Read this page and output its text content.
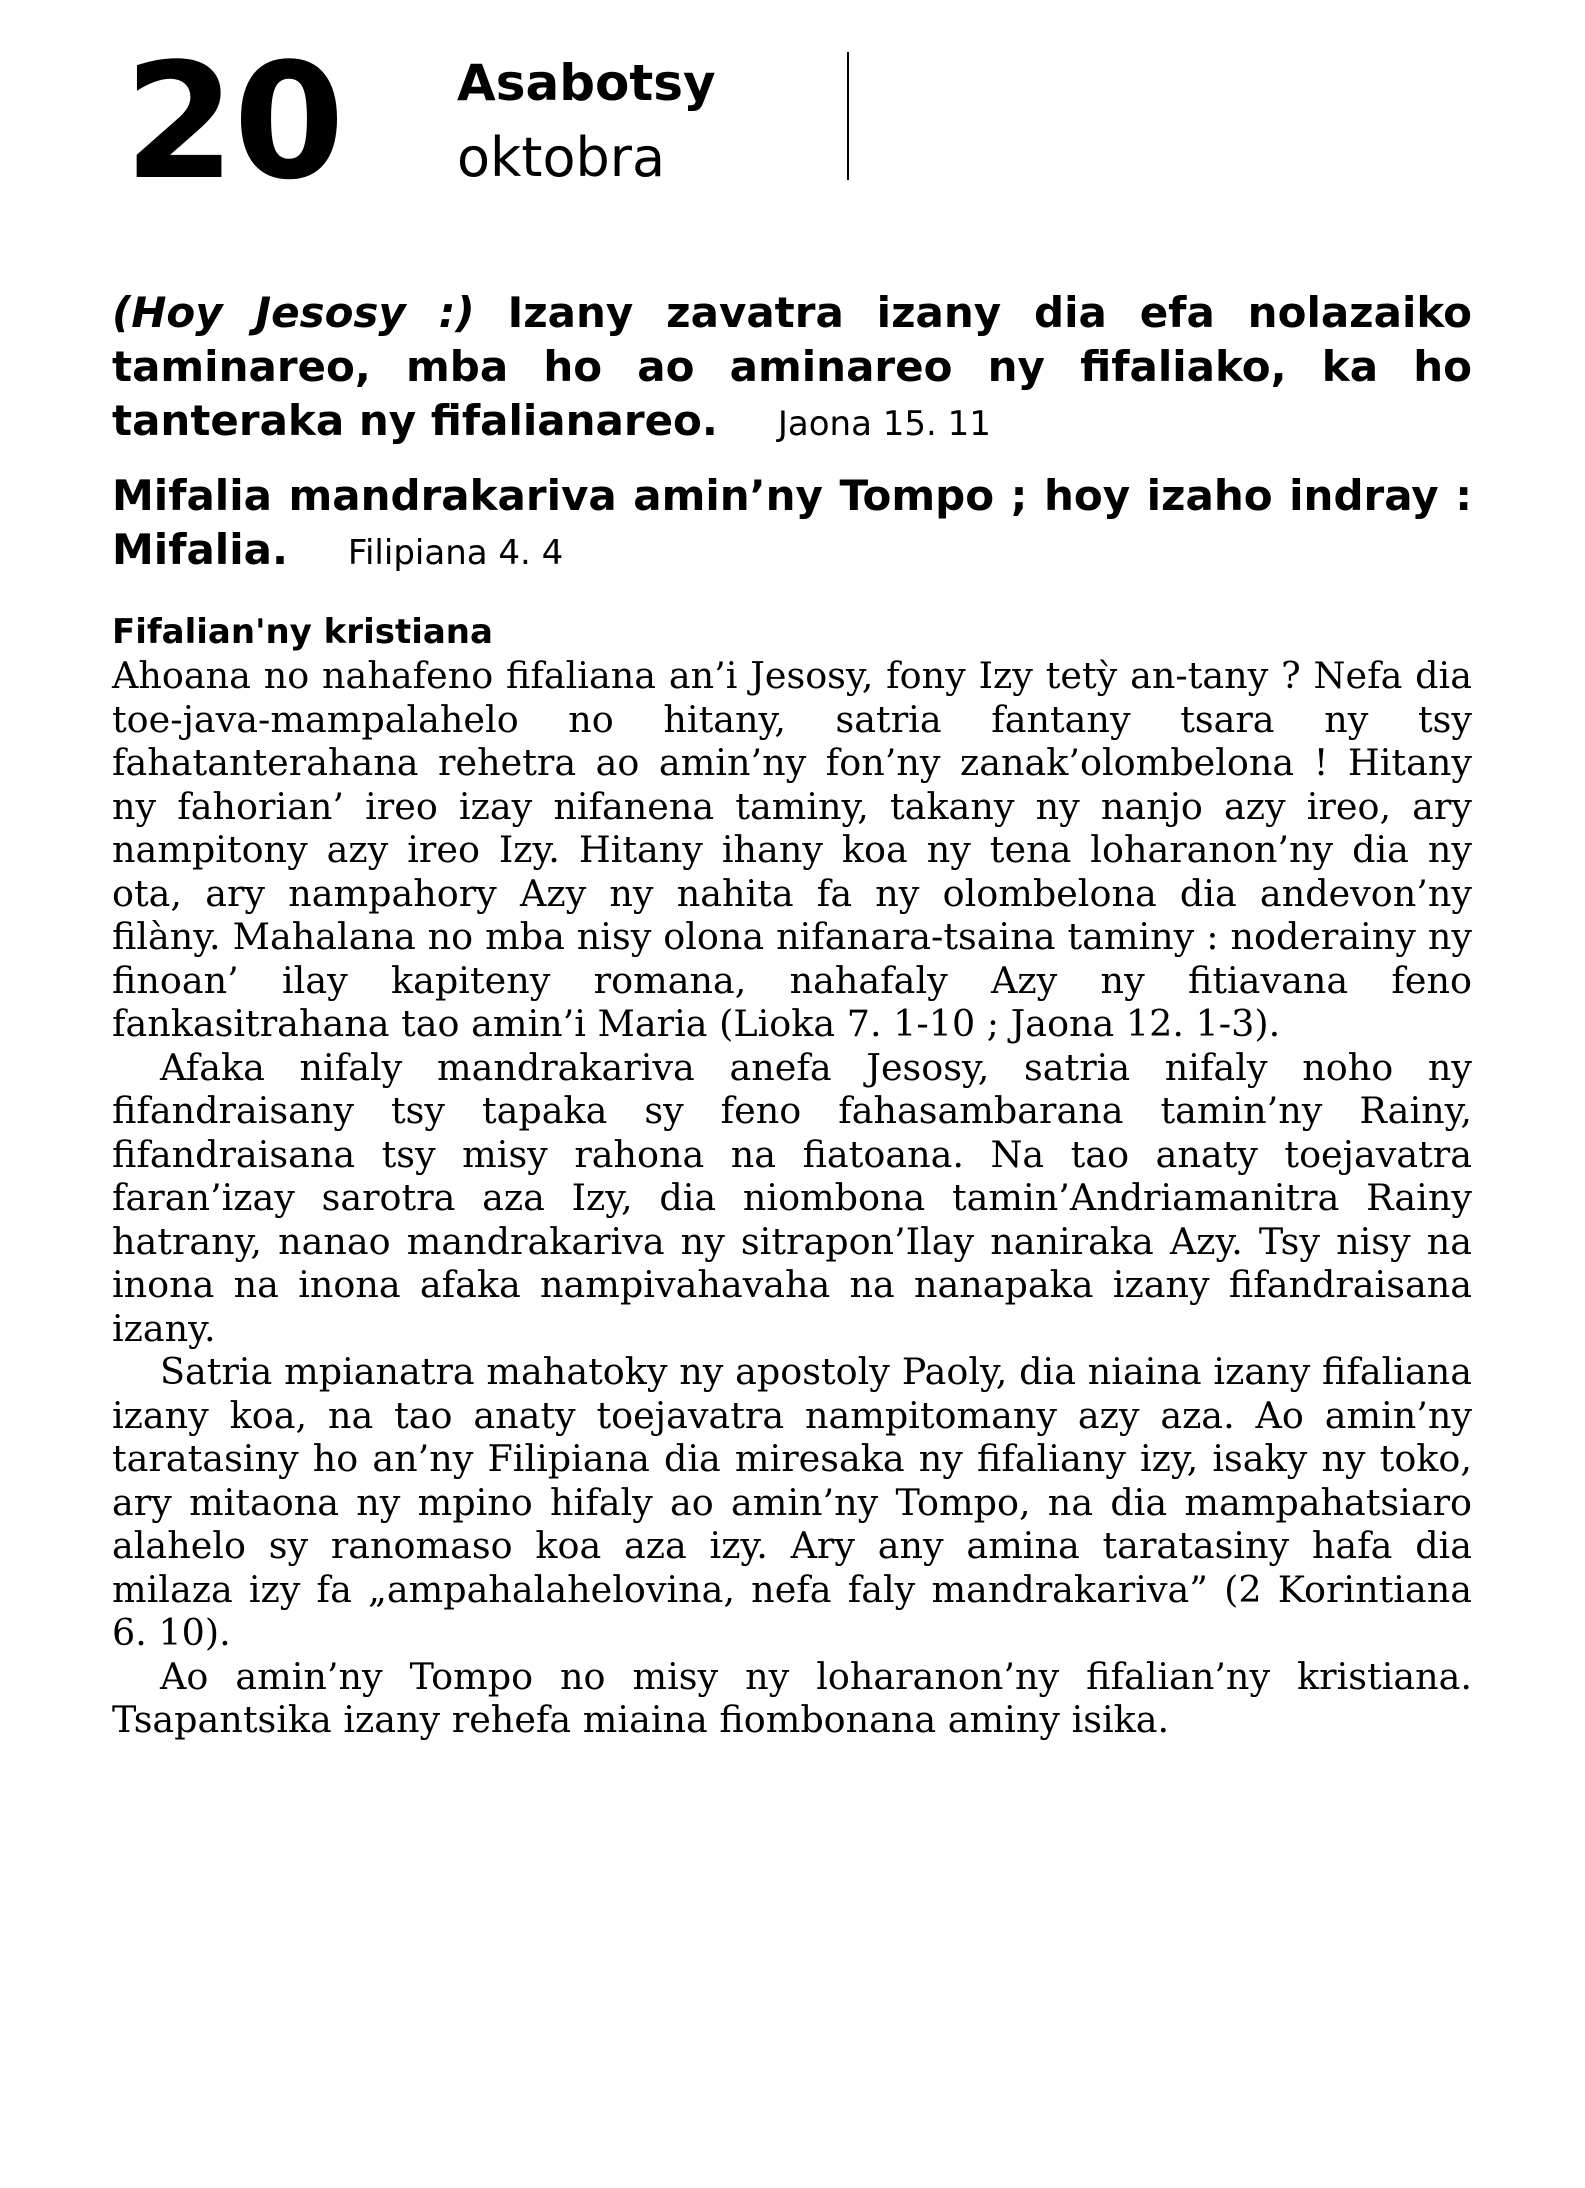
20 Asabotsy
oktobra

(Hoy Jesosy :) Izany zavatra izany dia efa nolazaiko taminareo, mba ho ao aminareo ny fifaliako, ka ho tanteraka ny fifalianareo. Jaona 15. 11

Mifalia mandrakariva amin’ny Tompo ; hoy izaho indray : Mifalia. Filipiana 4. 4

Fifalian'ny kristiana

Ahoana no nahafeno fifaliana an’i Jesosy, fony Izy tetỳ an-tany ? Nefa dia toe-java-mampalahelo no hitany, satria fantany tsara ny tsy fahatanterahana rehetra ao amin’ny fon’ny zanak’olombelona ! Hitany ny fahorian’ ireo izay nifanena taminy, takany ny nanjo azy ireo, ary nampitony azy ireo Izy. Hitany ihany koa ny tena loharanon’ny dia ny ota, ary nampahory Azy ny nahita fa ny olombelona dia andevon’ny filàny. Mahalana no mba nisy olona nifanara-tsaina taminy : noderainy ny finoan’ ilay kapiteny romana, nahafaly Azy ny fitiavana feno fankasitrahana tao amin’i Maria (Lioka 7. 1-10 ; Jaona 12. 1-3).

Afaka nifaly mandrakariva anefa Jesosy, satria nifaly noho ny fifandraisany tsy tapaka sy feno fahasambarana tamin’ny Rainy, fifandraisana tsy misy rahona na fiatoana. Na tao anaty toejavatra faran’izay sarotra aza Izy, dia niombona tamin’Andriamanitra Rainy hatrany, nanao mandrakariva ny sitrapon’Ilay naniraka Azy. Tsy nisy na inona na inona afaka nampivahavaha na nanapaka izany fifandraisana izany.

Satria mpianatra mahatoky ny apostoly Paoly, dia niaina izany fifaliana izany koa, na tao anaty toejavatra nampitomany azy aza. Ao amin’ny taratasiny ho an’ny Filipiana dia miresaka ny fifaliany izy, isaky ny toko, ary mitaona ny mpino hifaly ao amin’ny Tompo, na dia mampahatsiaro alahelo sy ranomaso koa aza izy. Ary any amina taratasiny hafa dia milaza izy fa „ampahalahelovina, nefa faly mandrakariva” (2 Korintiana 6. 10).

Ao amin’ny Tompo no misy ny loharanon’ny fifalian’ny kristiana. Tsapantsika izany rehefa miaina fiombonana aminy isika.
